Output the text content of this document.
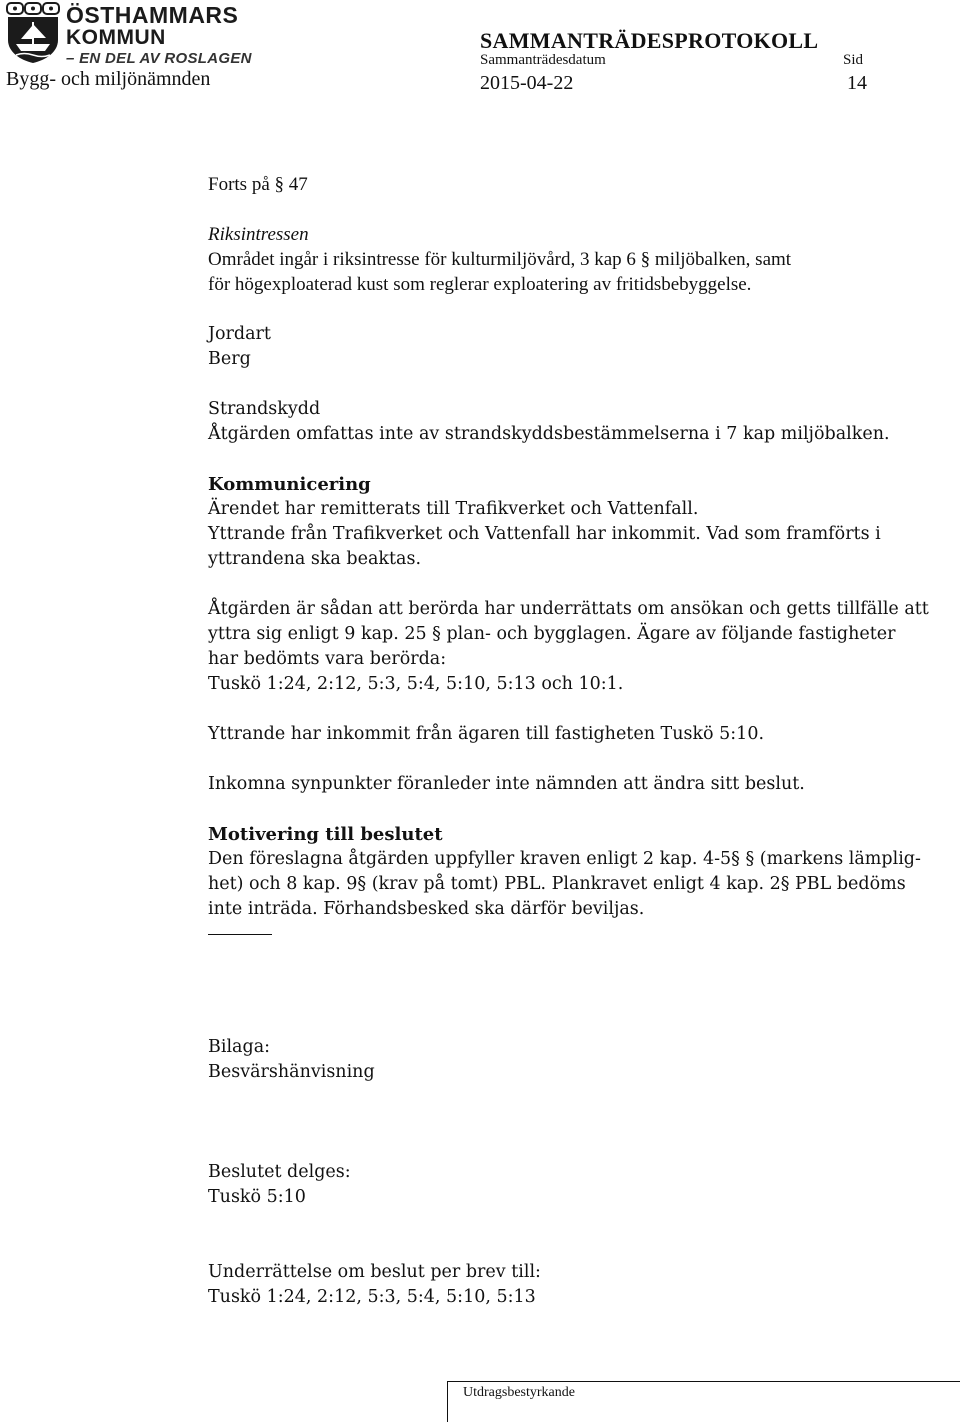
ÖSTHAMMARS
KOMMUN
– EN DEL AV ROSLAGEN
Bygg- och miljönämnden
SAMMANTRÄDESPROTOKOLL
Sammanträdesdatum
2015-04-22
Sid
14

Forts på § 47

Riksintressen

Området ingår i riksintresse för kulturmiljövård, 3 kap 6 § miljöbalken, samt

för högexploaterad kust som reglerar exploatering av fritidsbebyggelse.

Jordart

Berg

Strandskydd

Åtgärden omfattas inte av strandskyddsbestämmelserna i 7 kap miljöbalken.

Kommunicering

Ärendet har remitterats till Trafikverket och Vattenfall.

Yttrande från Trafikverket och Vattenfall har inkommit. Vad som framförts i

yttrandena ska beaktas.

Åtgärden är sådan att berörda har underrättats om ansökan och getts tillfälle att

yttra sig enligt 9 kap. 25 § plan- och bygglagen. Ägare av följande fastigheter

har bedömts vara berörda:

Tuskö 1:24, 2:12, 5:3, 5:4, 5:10, 5:13 och 10:1.

Yttrande har inkommit från ägaren till fastigheten Tuskö 5:10.

Inkomna synpunkter föranleder inte nämnden att ändra sitt beslut.

Motivering till beslutet

Den föreslagna åtgärden uppfyller kraven enligt 2 kap. 4-5§ § (markens lämplig-

het) och 8 kap. 9§ (krav på tomt) PBL. Plankravet enligt 4 kap. 2§ PBL bedöms

inte inträda. Förhandsbesked ska därför beviljas.

Bilaga:

Besvärshänvisning

Beslutet delges:

Tuskö 5:10

Underrättelse om beslut per brev till:

Tuskö 1:24, 2:12, 5:3, 5:4, 5:10, 5:13

Utdragsbestyrkande
